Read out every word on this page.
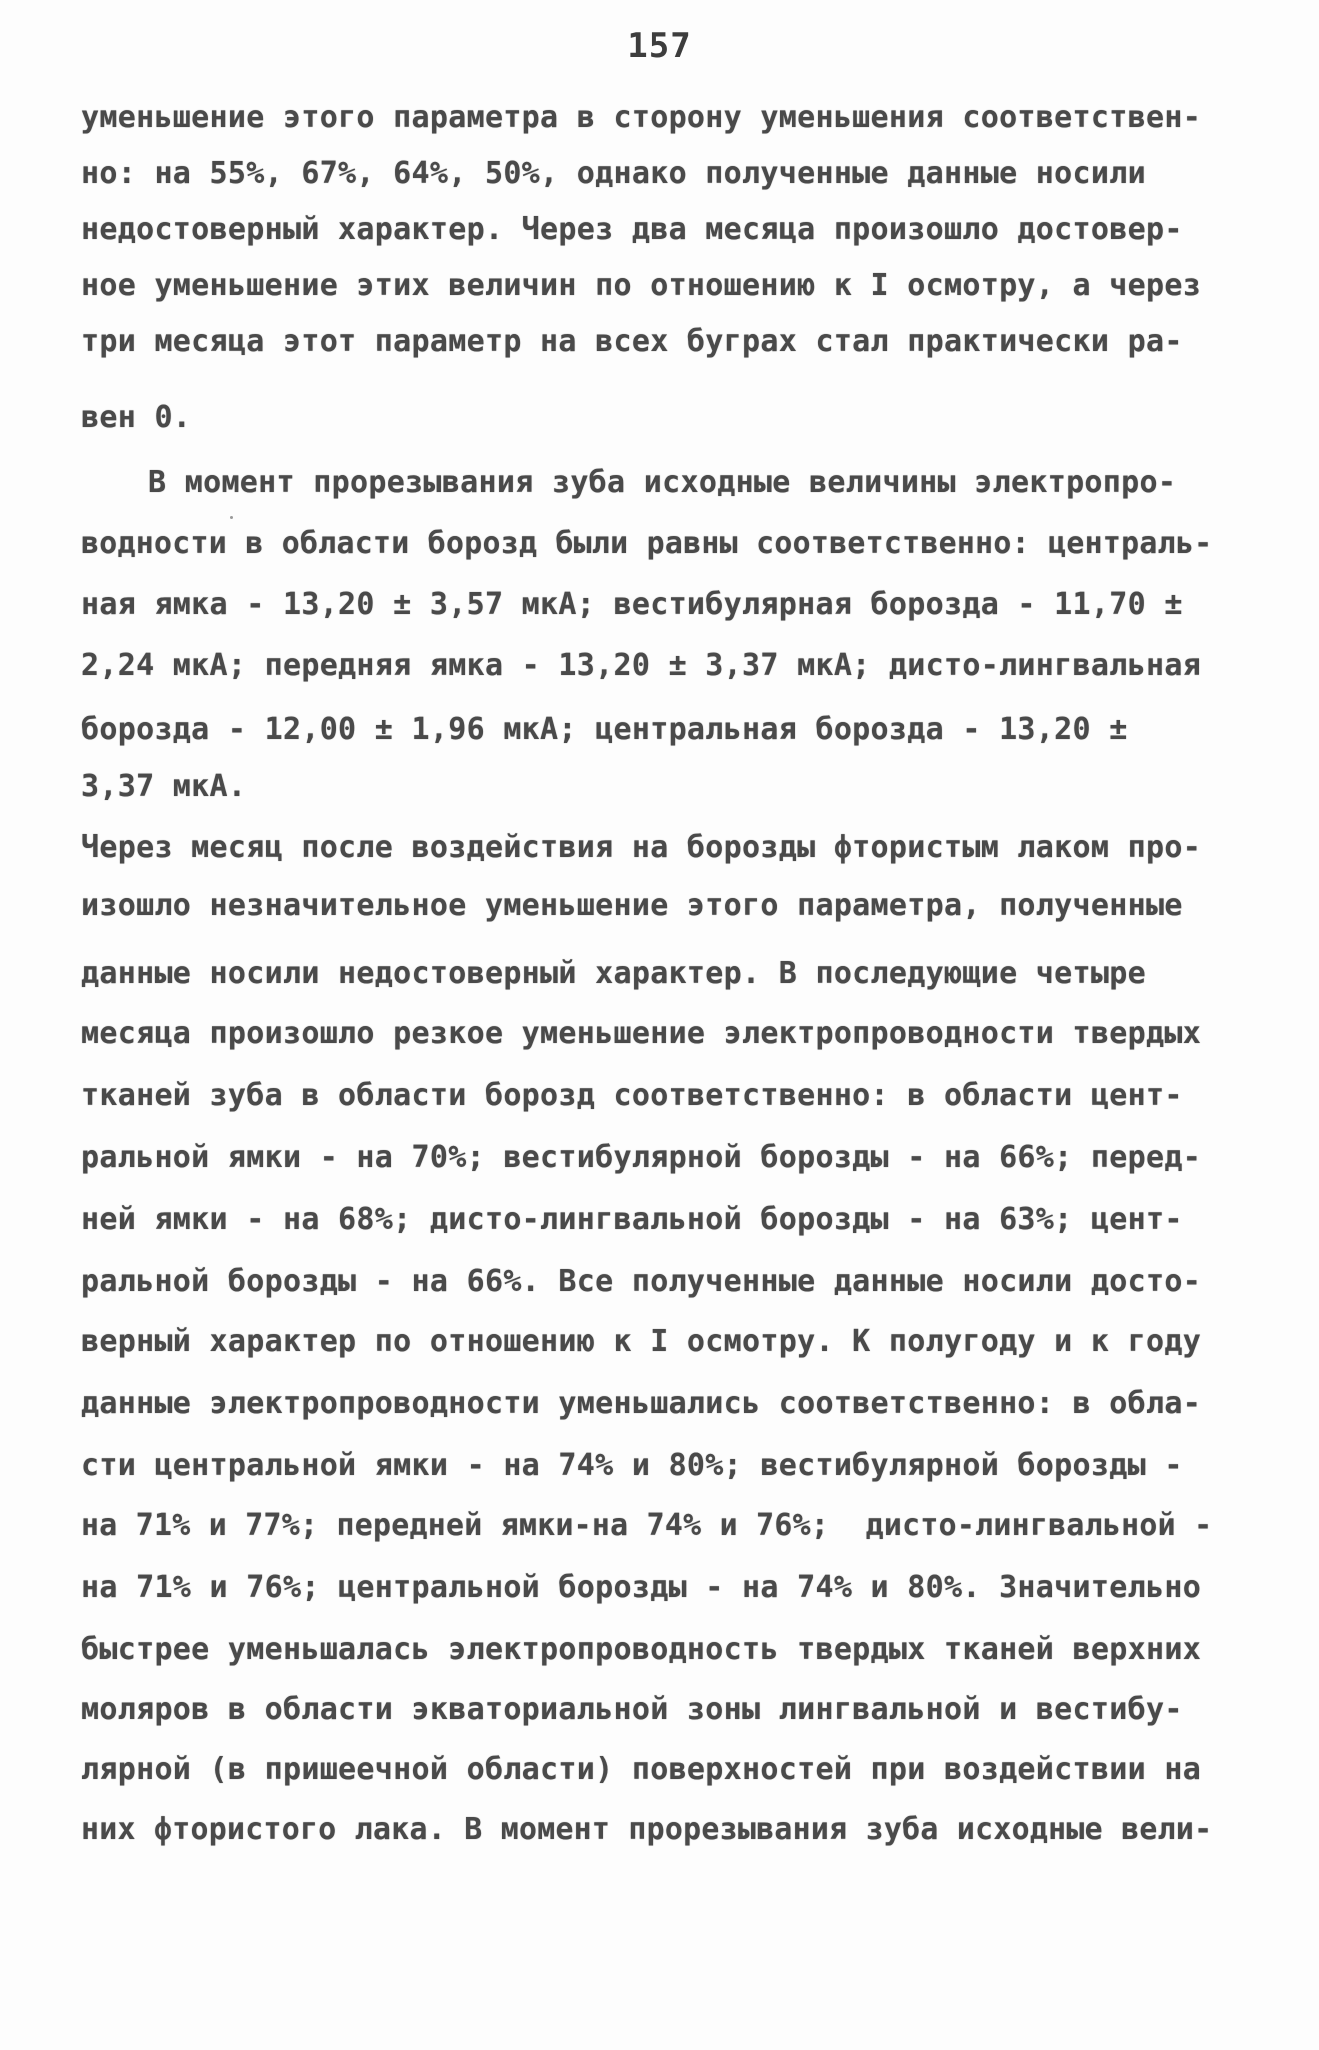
157
уменьшение этого параметра в сторону уменьшения соответствен-
но: на 55%, 67%, 64%, 50%, однако полученные данные носили
недостоверный характер. Через два месяца произошло достовер-
ное уменьшение этих величин по отношению к I осмотру, а через
три месяца этот параметр на всех буграх стал практически ра-
вен 0.
В момент прорезывания зуба исходные величины электропро-
водности в области борозд были равны соответственно: централь-
ная ямка - 13,20 ± 3,57 мкА; вестибулярная борозда - 11,70 ±
2,24 мкА; передняя ямка - 13,20 ± 3,37 мкА; дисто-лингвальная
борозда - 12,00 ± 1,96 мкА; центральная борозда - 13,20 ±
3,37 мкА.
Через месяц после воздействия на борозды фтористым лаком про-
изошло незначительное уменьшение этого параметра, полученные
данные носили недостоверный характер. В последующие четыре
месяца произошло резкое уменьшение электропроводности твердых
тканей зуба в области борозд соответственно: в области цент-
ральной ямки - на 70%; вестибулярной борозды - на 66%; перед-
ней ямки - на 68%; дисто-лингвальной борозды - на 63%; цент-
ральной борозды - на 66%. Все полученные данные носили досто-
верный характер по отношению к I осмотру. К полугоду и к году
данные электропроводности уменьшались соответственно: в обла-
сти центральной ямки - на 74% и 80%; вестибулярной борозды -
на 71% и 77%; передней ямки-на 74% и 76%;  дисто-лингвальной -
на 71% и 76%; центральной борозды - на 74% и 80%. Значительно
быстрее уменьшалась электропроводность твердых тканей верхних
моляров в области экваториальной зоны лингвальной и вестибу-
лярной (в пришеечной области) поверхностей при воздействии на
них фтористого лака. В момент прорезывания зуба исходные вели-
